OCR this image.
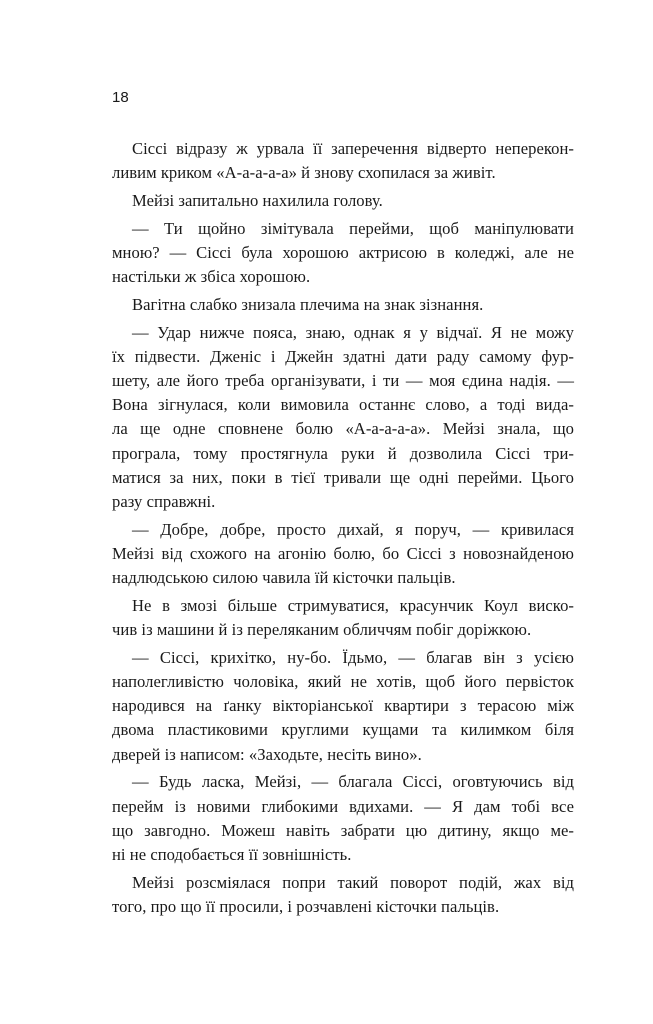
18
Сіссі відразу ж урвала її заперечення відверто неперекон-
ливим криком «А-а-а-а-а» й знову схопилася за живіт.
Мейзі запитально нахилила голову.
— Ти щойно зімітувала перейми, щоб маніпулювати
мною? — Сіссі була хорошою актрисою в коледжі, але не
настільки ж збіса хорошою.
Вагітна слабко знизала плечима на знак зізнання.
— Удар нижче пояса, знаю, однак я у відчаї. Я не можу
їх підвести. Дженіс і Джейн здатні дати раду самому фур-
шету, але його треба організувати, і ти — моя єдина надія. —
Вона зігнулася, коли вимовила останнє слово, а тоді вида-
ла ще одне сповнене болю «А-а-а-а-а». Мейзі знала, що
програла, тому простягнула руки й дозволила Сіссі три-
матися за них, поки в тієї тривали ще одні перейми. Цього
разу справжні.
— Добре, добре, просто дихай, я поруч, — кривилася
Мейзі від схожого на агонію болю, бо Сіссі з новознайденою
надлюдською силою чавила їй кісточки пальців.
Не в змозі більше стримуватися, красунчик Коул виско-
чив із машини й із переляканим обличчям побіг доріжкою.
— Сіссі, крихітко, ну-бо. Їдьмо, — благав він з усією
наполегливістю чоловіка, який не хотів, щоб його первісток
народився на ґанку вікторіанської квартири з терасою між
двома пластиковими круглими кущами та килимком біля
дверей із написом: «Заходьте, несіть вино».
— Будь ласка, Мейзі, — благала Сіссі, оговтуючись від
перейм із новими глибокими вдихами. — Я дам тобі все
що завгодно. Можеш навіть забрати цю дитину, якщо ме-
ні не сподобається її зовнішність.
Мейзі розсміялася попри такий поворот подій, жах від
того, про що її просили, і розчавлені кісточки пальців.
